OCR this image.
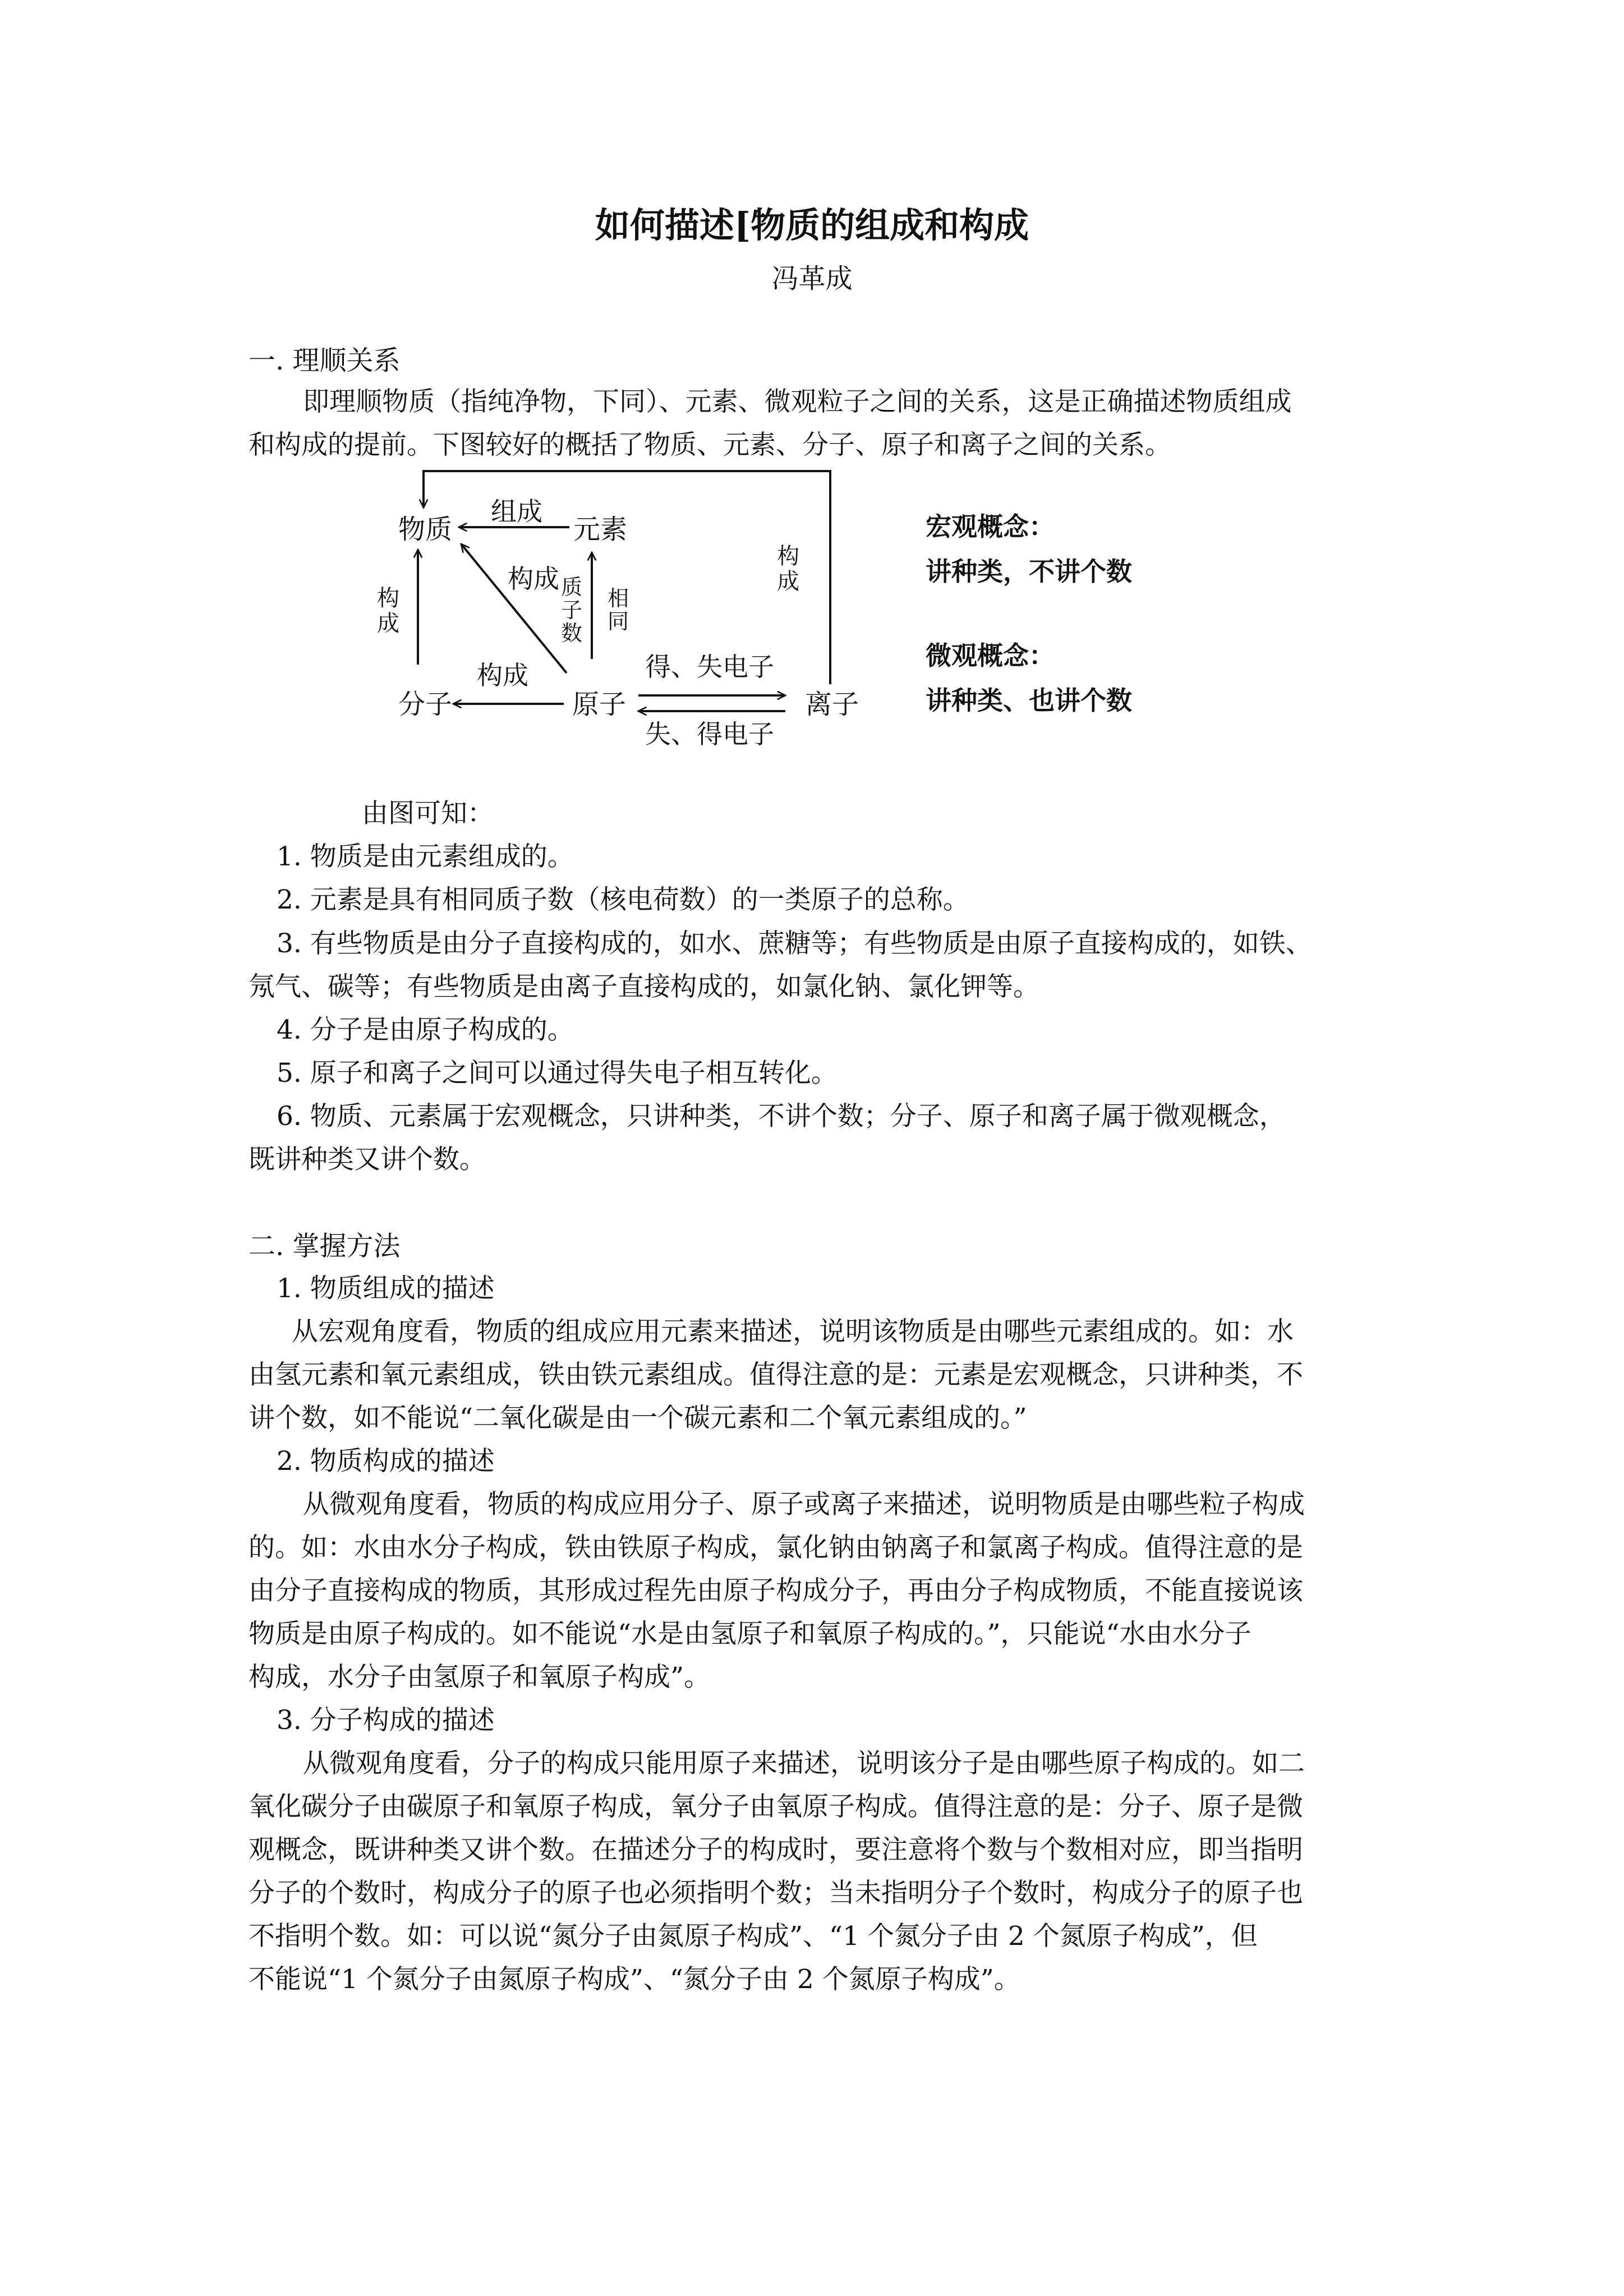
如何描述[物质的组成和构成
冯革成
一. 理顺关系
即理顺物质（指纯净物，下同）、元素、微观粒子之间的关系，这是正确描述物质组成
和构成的提前。下图较好的概括了物质、元素、分子、原子和离子之间的关系。
物质	元素
分子	原子	离子
组成
构成
构
成
构成
构
成
质
子
数
相
同
得、失电子
失、得电子
宏观概念：
讲种类，不讲个数
微观概念：
讲种类、也讲个数
由图可知：
1. 物质是由元素组成的。
2. 元素是具有相同质子数（核电荷数）的一类原子的总称。
3. 有些物质是由分子直接构成的，如水、蔗糖等；有些物质是由原子直接构成的，如铁、
氖气、碳等；有些物质是由离子直接构成的，如氯化钠、氯化钾等。
4. 分子是由原子构成的。
5. 原子和离子之间可以通过得失电子相互转化。
6. 物质、元素属于宏观概念，只讲种类，不讲个数；分子、原子和离子属于微观概念，
既讲种类又讲个数。
二. 掌握方法
1. 物质组成的描述
从宏观角度看，物质的组成应用元素来描述，说明该物质是由哪些元素组成的。如：水
由氢元素和氧元素组成，铁由铁元素组成。值得注意的是：元素是宏观概念，只讲种类，不
讲个数，如不能说“二氧化碳是由一个碳元素和二个氧元素组成的。”
2. 物质构成的描述
从微观角度看，物质的构成应用分子、原子或离子来描述，说明物质是由哪些粒子构成
的。如：水由水分子构成，铁由铁原子构成，氯化钠由钠离子和氯离子构成。值得注意的是
由分子直接构成的物质，其形成过程先由原子构成分子，再由分子构成物质，不能直接说该
物质是由原子构成的。如不能说“水是由氢原子和氧原子构成的。”，只能说“水由水分子
构成，水分子由氢原子和氧原子构成”。
3. 分子构成的描述
从微观角度看，分子的构成只能用原子来描述，说明该分子是由哪些原子构成的。如二
氧化碳分子由碳原子和氧原子构成，氧分子由氧原子构成。值得注意的是：分子、原子是微
观概念，既讲种类又讲个数。在描述分子的构成时，要注意将个数与个数相对应，即当指明
分子的个数时，构成分子的原子也必须指明个数；当未指明分子个数时，构成分子的原子也
不指明个数。如：可以说“氮分子由氮原子构成”、“1 个氮分子由 2 个氮原子构成”，但
不能说“1 个氮分子由氮原子构成”、“氮分子由 2 个氮原子构成”。
